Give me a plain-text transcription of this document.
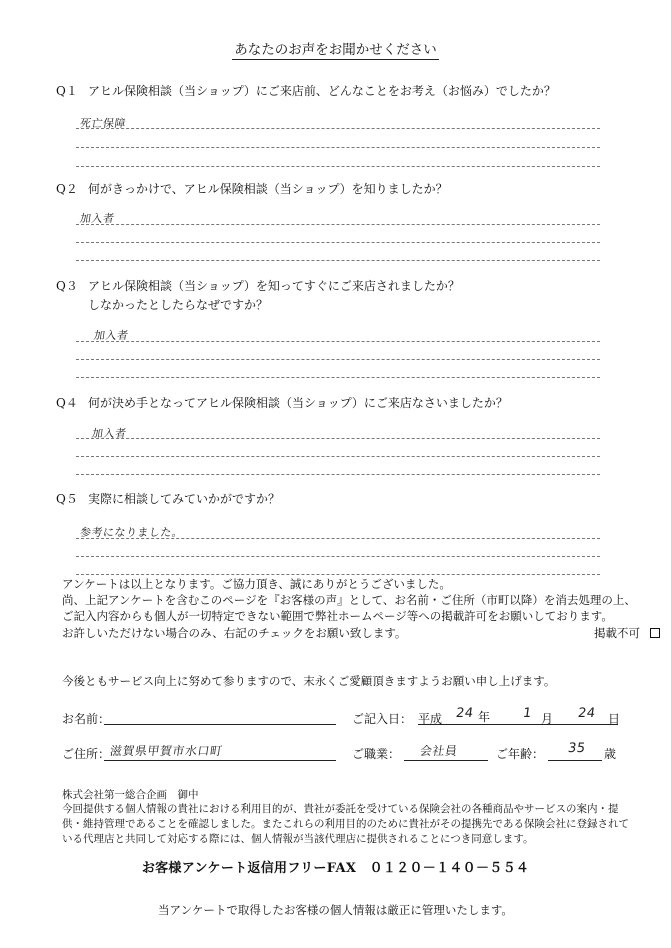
あなたのお声をお聞かせください
Q１ アヒル保険相談（当ショップ）にご来店前、どんなことをお考え（お悩み）でしたか？
死亡保障
Q２ 何がきっかけで、アヒル保険相談（当ショップ）を知りましたか？
加入者
Q３ アヒル保険相談（当ショップ）を知ってすぐにご来店されましたか？
しなかったとしたらなぜですか？
加入者
Q４ 何が決め手となってアヒル保険相談（当ショップ）にご来店なさいましたか？
加入者
Q５ 実際に相談してみていかがですか？
参考になりました。
アンケートは以上となります。ご協力頂き、誠にありがとうございました。
尚、上記アンケートを含むこのページを『お客様の声』として、お名前・ご住所（市町以降）を消去処理の上、
ご記入内容からも個人が一切特定できない範囲で弊社ホームページ等への掲載許可をお願いしております。
お許しいただけない場合のみ、右記のチェックをお願い致します。	掲載不可
今後ともサービス向上に努めて参りますので、末永くご愛顧頂きますようお願い申し上げます。
お名前：	ご記入日： 平成 24 年 1 月 24 日
ご住所：
滋賀県甲賀市水口町	ご職業： 会社員	ご年齢： 35 歳
株式会社第一総合企画　御中
今回提供する個人情報の貴社における利用目的が、貴社が委託を受けている保険会社の各種商品やサービスの案内・提供・維持管理であることを確認しました。またこれらの利用目的のために貴社がその提携先である保険会社に登録されている代理店と共同して対応する際には、個人情報が当該代理店に提供されることにつき同意します。
お客様アンケート返信用フリーFAX　０１２０－１４０－５５４
当アンケートで取得したお客様の個人情報は厳正に管理いたします。
